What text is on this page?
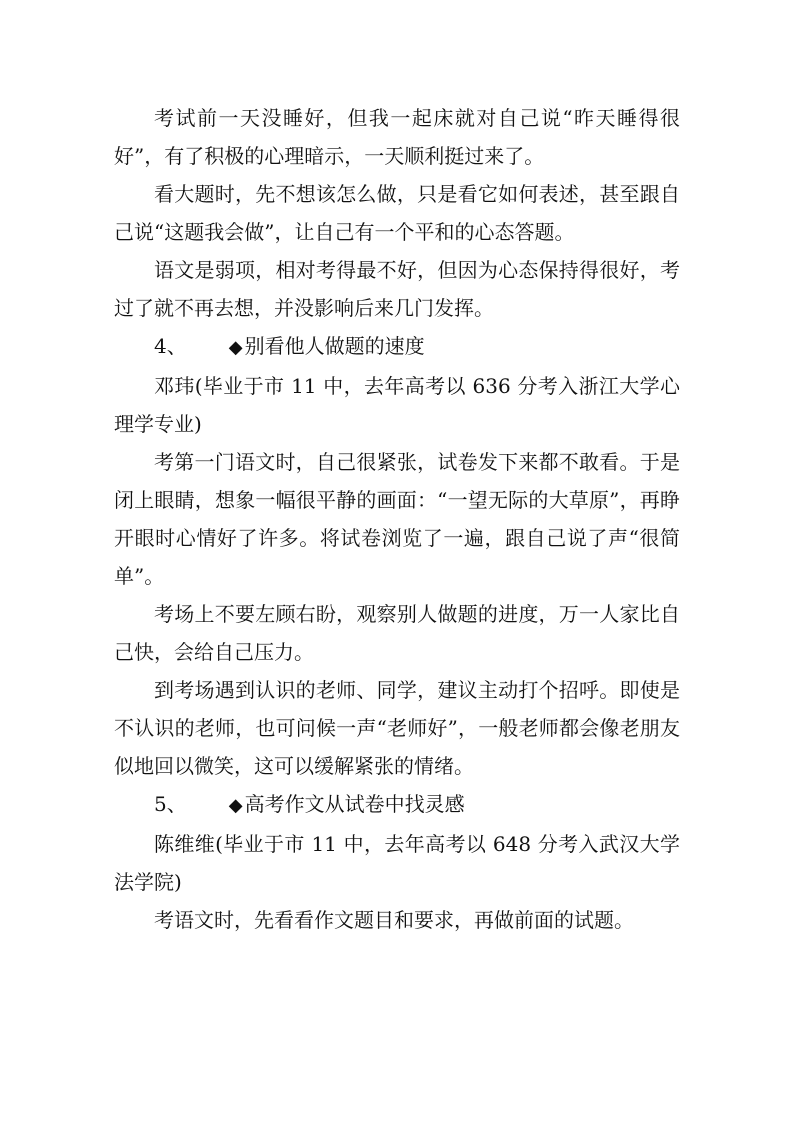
考试前一天没睡好，但我一起床就对自己说“昨天睡得很好”，有了积极的心理暗示，一天顺利挺过来了。

看大题时，先不想该怎么做，只是看它如何表述，甚至跟自己说“这题我会做”，让自己有一个平和的心态答题。

语文是弱项，相对考得最不好，但因为心态保持得很好，考过了就不再去想，并没影响后来几门发挥。

4、 ◆ 别看他人做题的速度

邓玮(毕业于市 11 中，去年高考以 636 分考入浙江大学心理学专业)

考第一门语文时，自己很紧张，试卷发下来都不敢看。于是闭上眼睛，想象一幅很平静的画面：“一望无际的大草原”，再睁开眼时心情好了许多。将试卷浏览了一遍，跟自己说了声“很简单”。

考场上不要左顾右盼，观察别人做题的进度，万一人家比自己快，会给自己压力。

到考场遇到认识的老师、同学，建议主动打个招呼。即使是不认识的老师，也可问候一声“老师好”，一般老师都会像老朋友似地回以微笑，这可以缓解紧张的情绪。

5、 ◆ 高考作文从试卷中找灵感

陈维维(毕业于市 11 中，去年高考以 648 分考入武汉大学法学院)

考语文时，先看看作文题目和要求，再做前面的试题。
